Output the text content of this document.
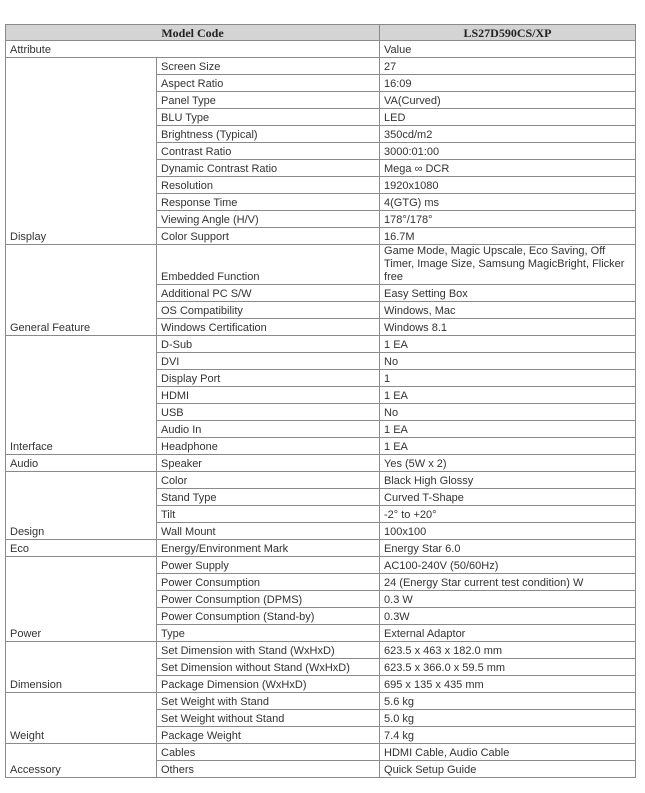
Model Code		LS27D590CS/XP
Attribute		Value
Display	Screen Size	27
	Aspect Ratio	16:09
	Panel Type	VA(Curved)
	BLU Type	LED
	Brightness (Typical)	350cd/m2
	Contrast Ratio	3000:01:00
	Dynamic Contrast Ratio	Mega ∞ DCR
	Resolution	1920x1080
	Response Time	4(GTG) ms
	Viewing Angle (H/V)	178°/178°
	Color Support	16.7M
General Feature	Embedded Function	Game Mode, Magic Upscale, Eco Saving, Off Timer, Image Size, Samsung MagicBright, Flicker free
	Additional PC S/W	Easy Setting Box
	OS Compatibility	Windows, Mac
	Windows Certification	Windows 8.1
Interface	D-Sub	1 EA
	DVI	No
	Display Port	1
	HDMI	1 EA
	USB	No
	Audio In	1 EA
	Headphone	1 EA
Audio	Speaker	Yes (5W x 2)
Design	Color	Black High Glossy
	Stand Type	Curved T-Shape
	Tilt	-2° to +20°
	Wall Mount	100x100
Eco	Energy/Environment Mark	Energy Star 6.0
Power	Power Supply	AC100-240V (50/60Hz)
	Power Consumption	24 (Energy Star current test condition) W
	Power Consumption (DPMS)	0.3 W
	Power Consumption (Stand-by)	0.3W
	Type	External Adaptor
Dimension	Set Dimension with Stand (WxHxD)	623.5 x 463 x 182.0 mm
	Set Dimension without Stand (WxHxD)	623.5 x 366.0 x 59.5 mm
	Package Dimension (WxHxD)	695 x 135 x 435 mm
Weight	Set Weight with Stand	5.6 kg
	Set Weight without Stand	5.0 kg
	Package Weight	7.4 kg
Accessory	Cables	HDMI Cable, Audio Cable
	Others	Quick Setup Guide
